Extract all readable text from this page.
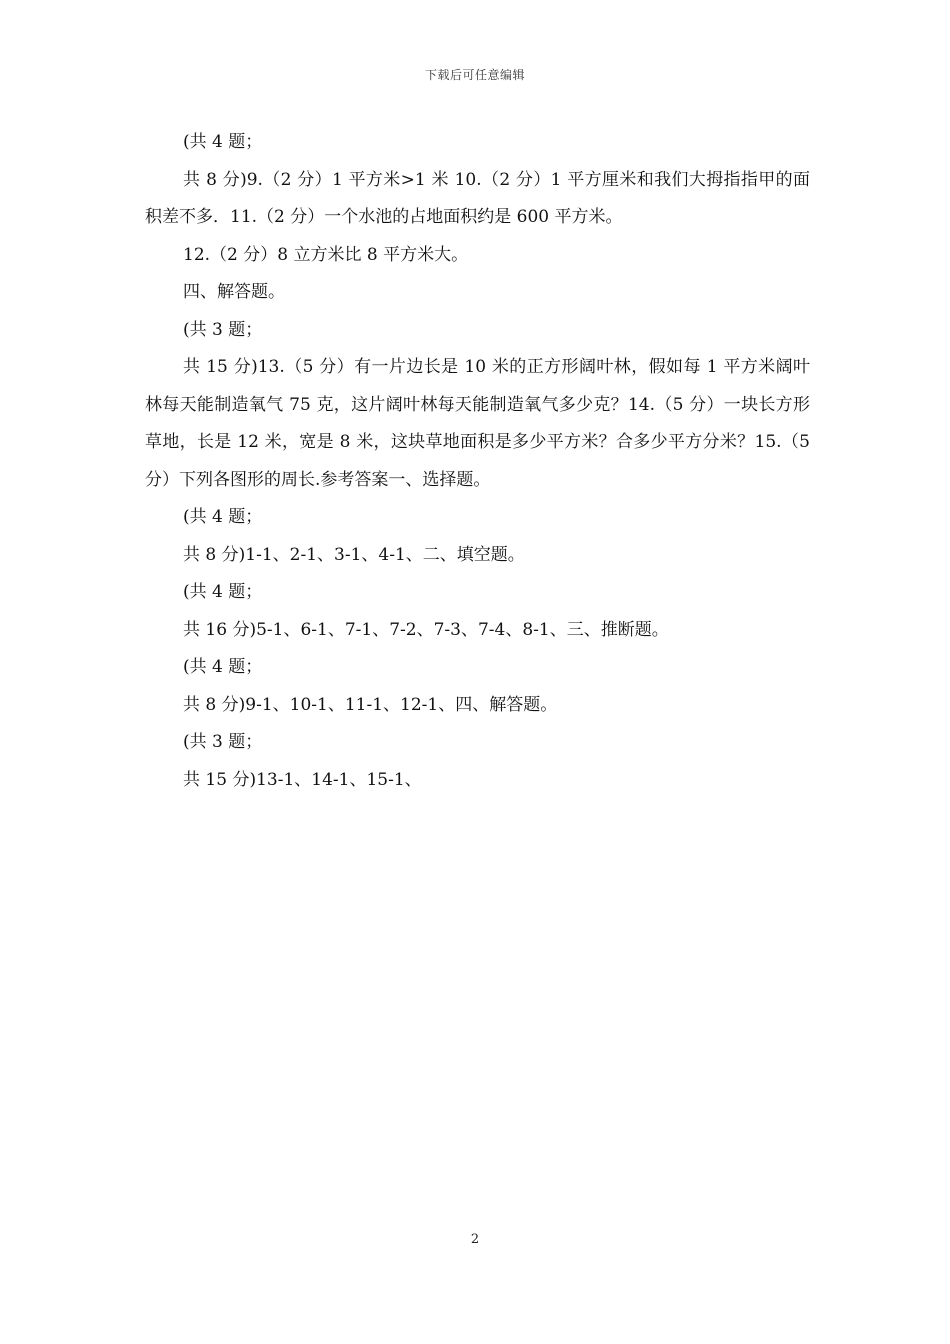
下载后可任意编辑

(共 4 题；

共 8 分)9.（2 分）1 平方米>1 米 10.（2 分）1 平方厘米和我们大拇指指甲的面积差不多．11.（2 分）一个水池的占地面积约是 600 平方米。

12.（2 分）8 立方米比 8 平方米大。

四、解答题。

(共 3 题；

共 15 分)13.（5 分）有一片边长是 10 米的正方形阔叶林，假如每 1 平方米阔叶林每天能制造氧气 75 克，这片阔叶林每天能制造氧气多少克？14.（5 分）一块长方形草地，长是 12 米，宽是 8 米，这块草地面积是多少平方米？合多少平方分米？15.（5 分）下列各图形的周长.参考答案一、选择题。

(共 4 题；

共 8 分)1-1、2-1、3-1、4-1、二、填空题。

(共 4 题；

共 16 分)5-1、6-1、7-1、7-2、7-3、7-4、8-1、三、推断题。

(共 4 题；

共 8 分)9-1、10-1、11-1、12-1、四、解答题。

(共 3 题；

共 15 分)13-1、14-1、15-1、

2
